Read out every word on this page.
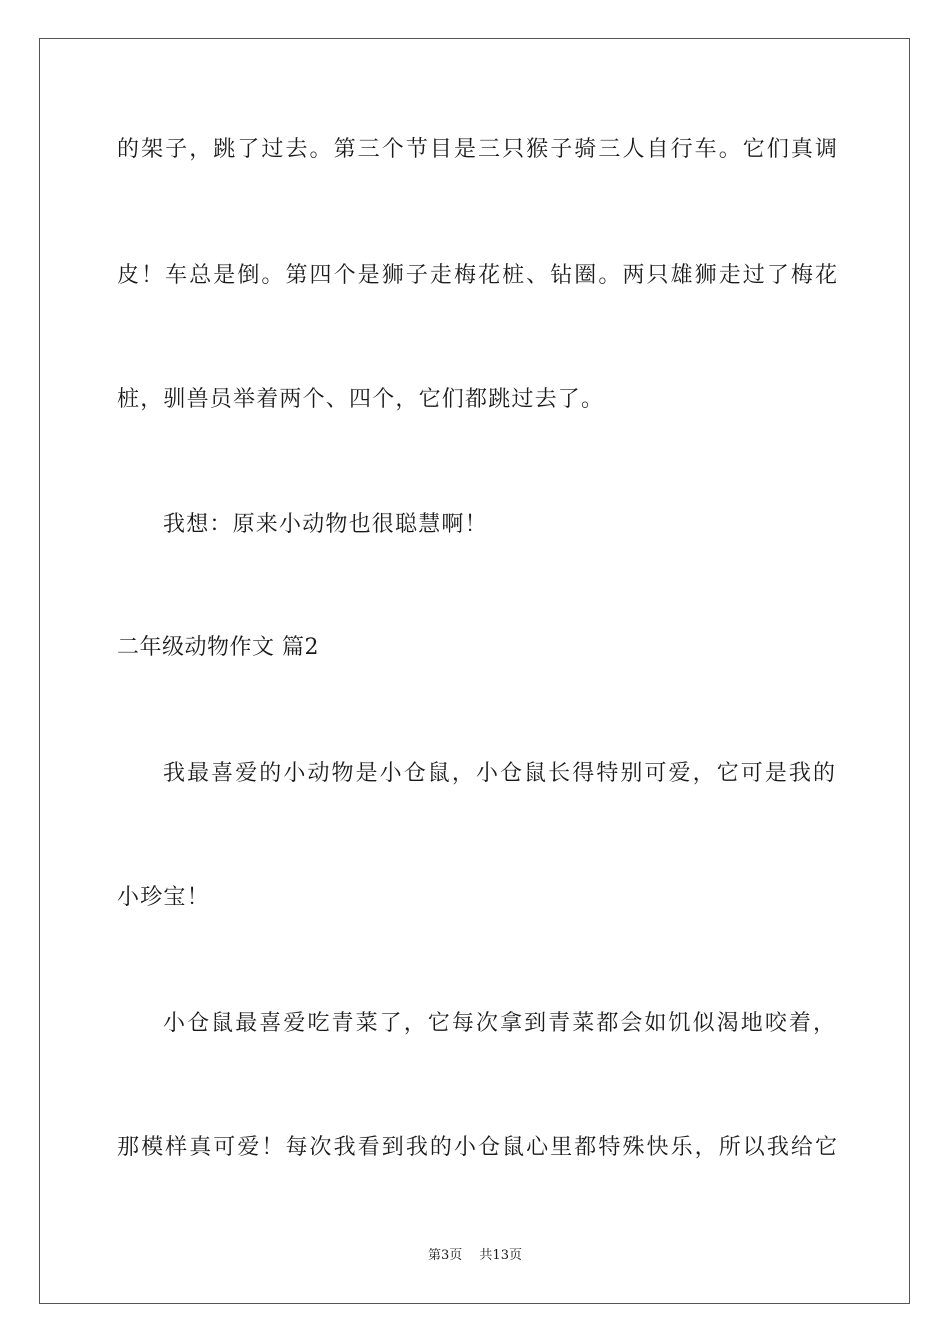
的架子，跳了过去。第三个节目是三只猴子骑三人自行车。它们真调
皮！车总是倒。第四个是狮子走梅花桩、钻圈。两只雄狮走过了梅花
桩，驯兽员举着两个、四个，它们都跳过去了。
我想：原来小动物也很聪慧啊！
二年级动物作文 篇2
我最喜爱的小动物是小仓鼠，小仓鼠长得特别可爱，它可是我的
小珍宝！
小仓鼠最喜爱吃青菜了，它每次拿到青菜都会如饥似渴地咬着，
那模样真可爱！每次我看到我的小仓鼠心里都特殊快乐，所以我给它
第3页　 共13页
